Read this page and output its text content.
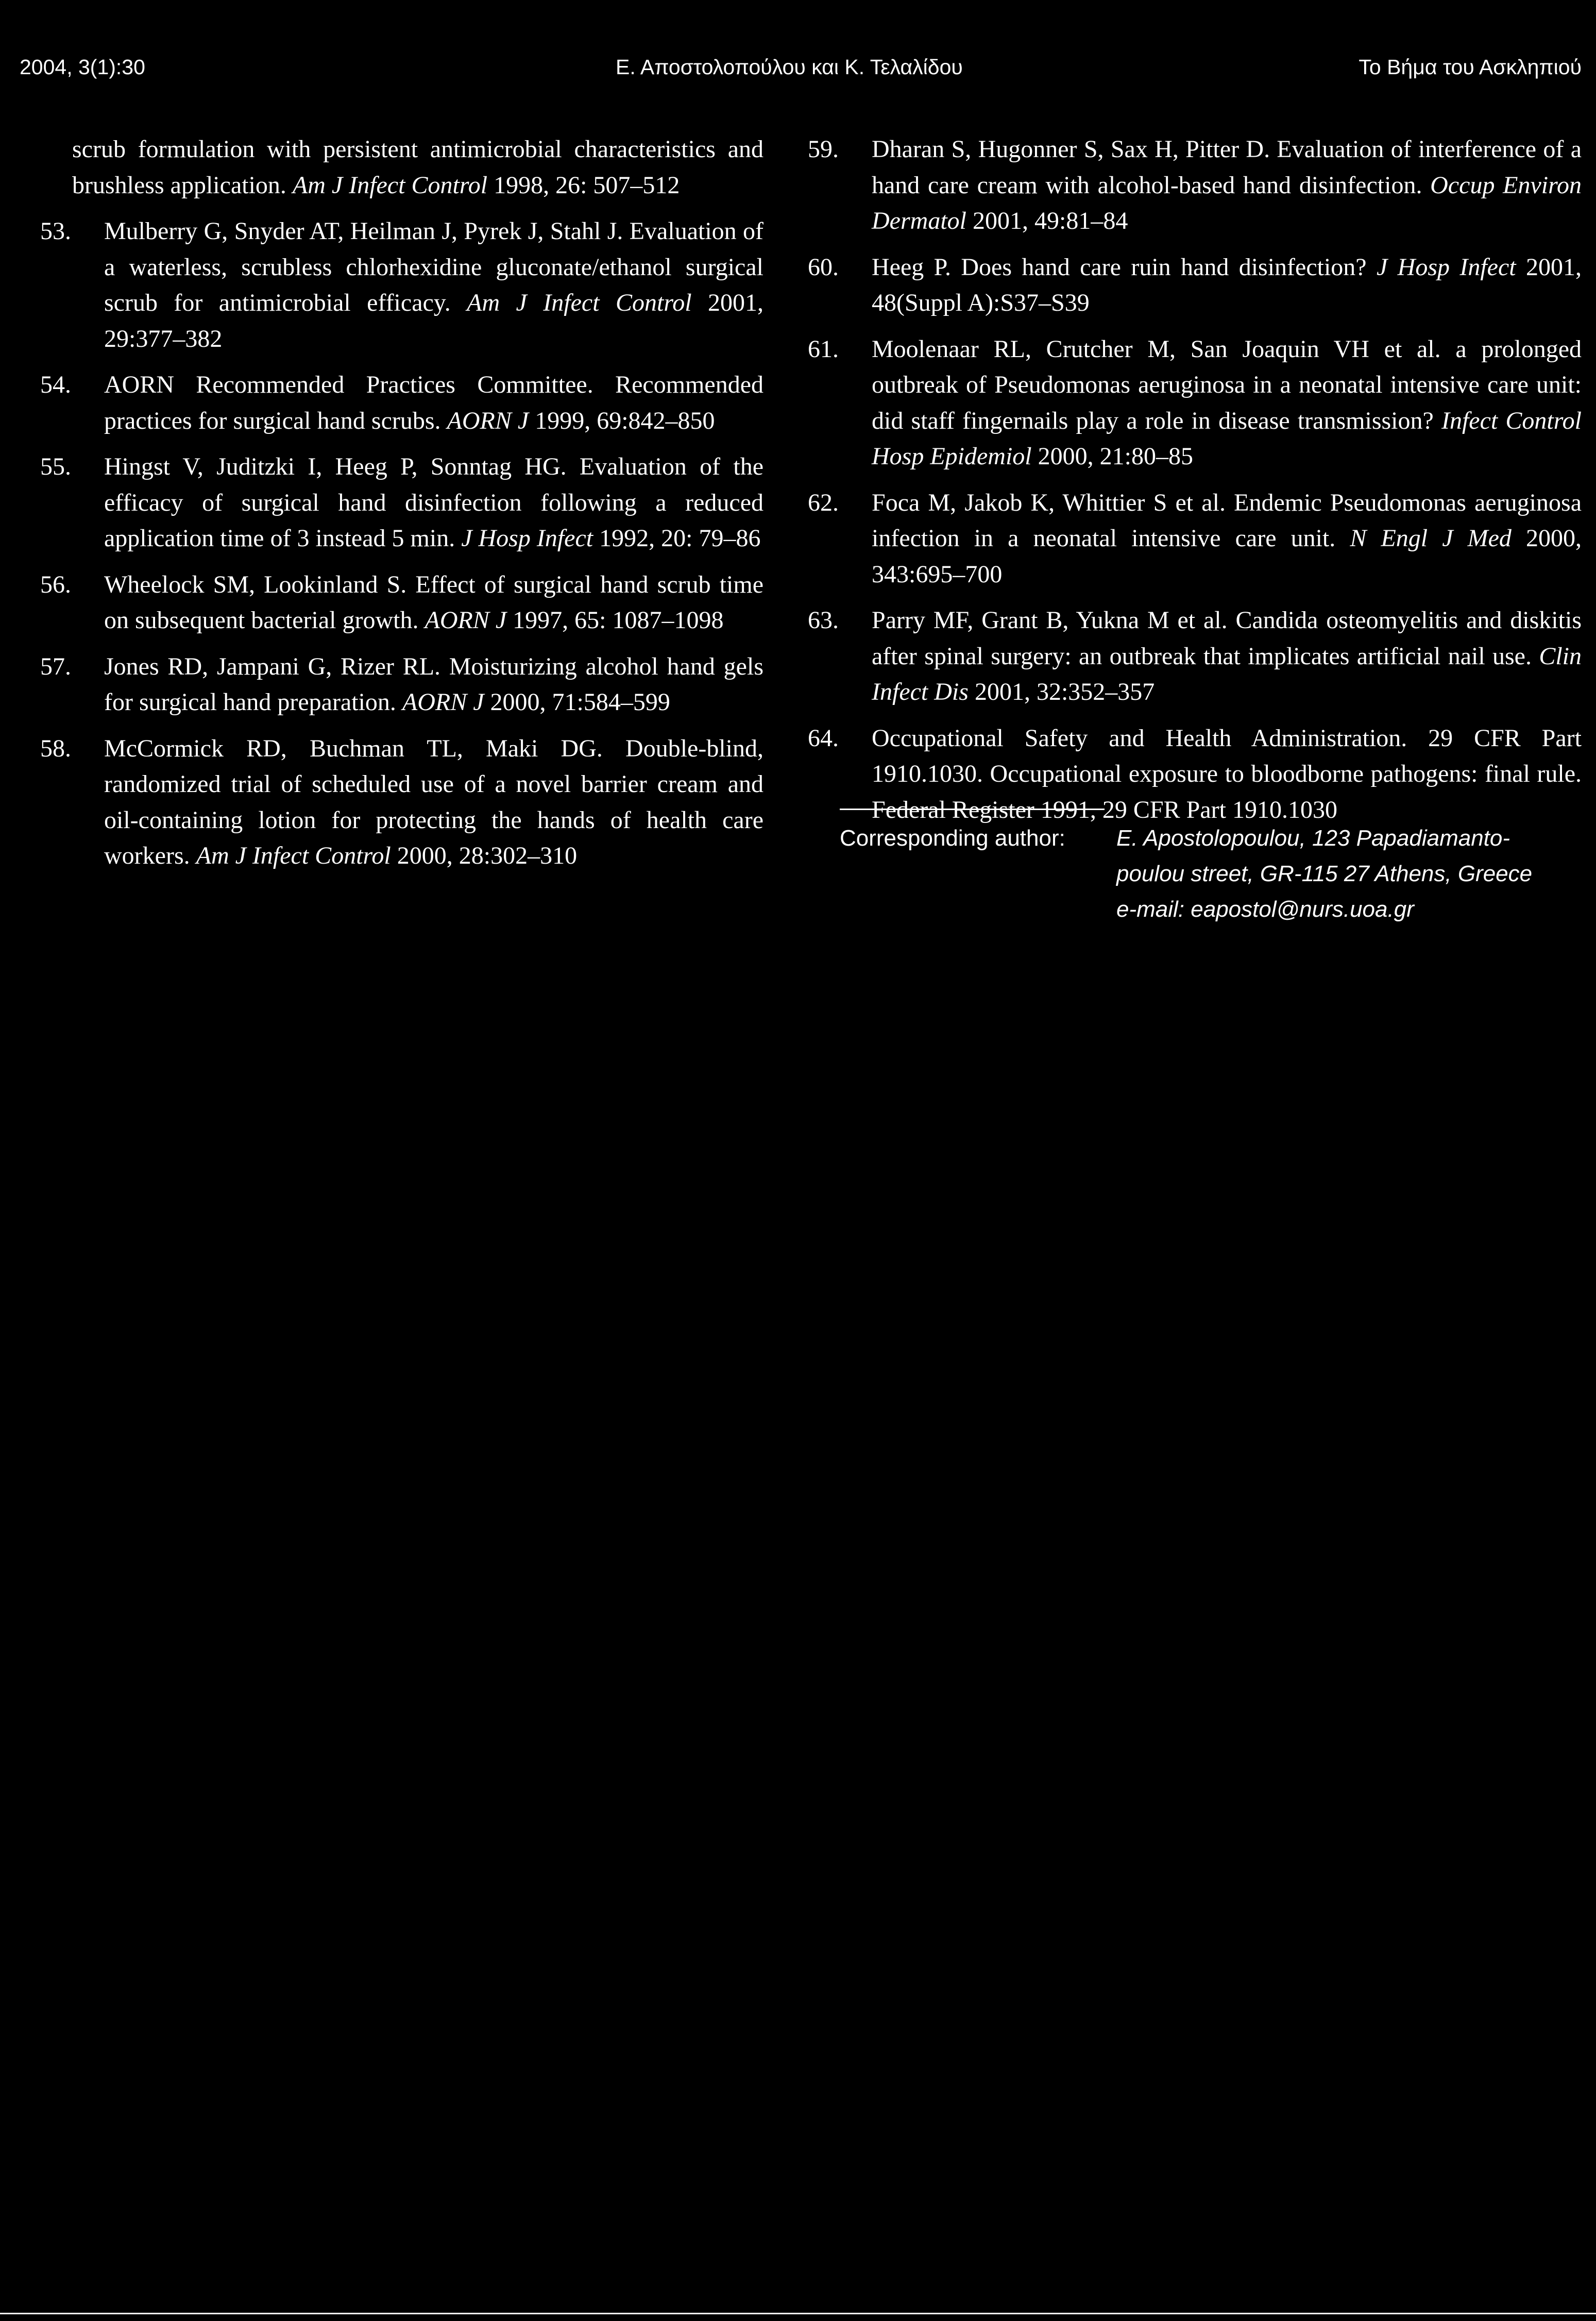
2004, 3(1):30	Ε. Αποστολοπούλου και Κ. Τελαλίδου	Το Βήμα του Ασκληπιού

scrub formulation with persistent antimicrobial characteristics and brushless application. Am J Infect Control 1998, 26: 507–512

53. Mulberry G, Snyder AT, Heilman J, Pyrek J, Stahl J. Evaluation of a waterless, scrubless chlorhexidine gluconate/ethanol surgical scrub for antimicrobial efficacy. Am J Infect Control 2001, 29:377–382

54. AORN Recommended Practices Committee. Recommended practices for surgical hand scrubs. AORN J 1999, 69:842–850

55. Hingst V, Juditzki I, Heeg P, Sonntag HG. Evaluation of the efficacy of surgical hand disinfection following a reduced application time of 3 instead 5 min. J Hosp Infect 1992, 20: 79–86

56. Wheelock SM, Lookinland S. Effect of surgical hand scrub time on subsequent bacterial growth. AORN J 1997, 65: 1087–1098

57. Jones RD, Jampani G, Rizer RL. Moisturizing alcohol hand gels for surgical hand preparation. AORN J 2000, 71:584–599

58. McCormick RD, Buchman TL, Maki DG. Double-blind, randomized trial of scheduled use of a novel barrier cream and oil-containing lotion for protecting the hands of health care workers. Am J Infect Control 2000, 28:302–310

59. Dharan S, Hugonner S, Sax H, Pitter D. Evaluation of interference of a hand care cream with alcohol-based hand disinfection. Occup Environ Dermatol 2001, 49:81–84

60. Heeg P. Does hand care ruin hand disinfection? J Hosp Infect 2001, 48(Suppl A):S37–S39

61. Moolenaar RL, Crutcher M, San Joaquin VH et al. a prolonged outbreak of Pseudomonas aeruginosa in a neonatal intensive care unit: did staff fingernails play a role in disease transmission? Infect Control Hosp Epidemiol 2000, 21:80–85

62. Foca M, Jakob K, Whittier S et al. Endemic Pseudomonas aeruginosa infection in a neonatal intensive care unit. N Engl J Med 2000, 343:695–700

63. Parry MF, Grant B, Yukna M et al. Candida osteomyelitis and diskitis after spinal surgery: an outbreak that implicates artificial nail use. Clin Infect Dis 2001, 32:352–357

64. Occupational Safety and Health Administration. 29 CFR Part 1910.1030. Occupational exposure to bloodborne pathogens: final rule. Federal Register 1991, 29 CFR Part 1910.1030

Corresponding author: E. Apostolopoulou, 123 Papadiamanto-
poulou street, GR-115 27 Athens, Greece
e-mail: eapostol@nurs.uoa.gr
